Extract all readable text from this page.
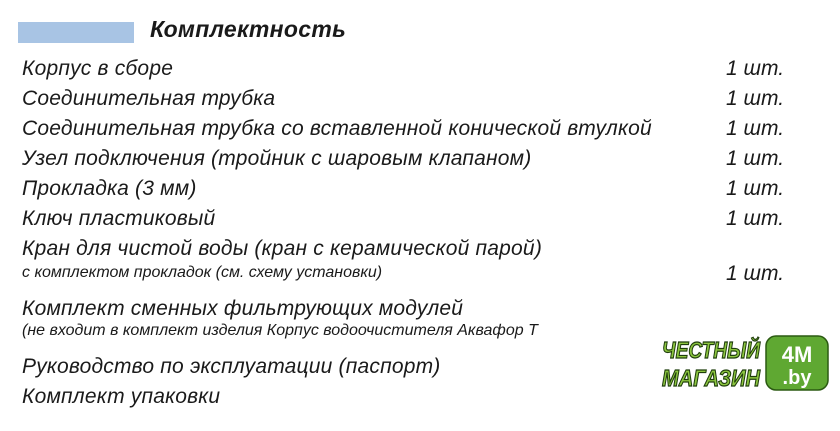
Комплектность
Корпус в сборе	1 шт.
Соединительная трубка	1 шт.
Соединительная трубка со вставленной конической втулкой	1 шт.
Узел подключения (тройник с шаровым клапаном)	1 шт.
Прокладка (3 мм)	1 шт.
Ключ пластиковый	1 шт.
Кран для чистой воды (кран с керамической парой)
с комплектом прокладок (см. схему установки)	1 шт.
Комплект сменных фильтрующих модулей
(не входит в комплект изделия Корпус водоочистителя Аквафор Т
Руководство по эксплуатации (паспорт)
Комплект упаковки
ЧЕСТНЫЙ
МАГАЗИН
4М
.by
